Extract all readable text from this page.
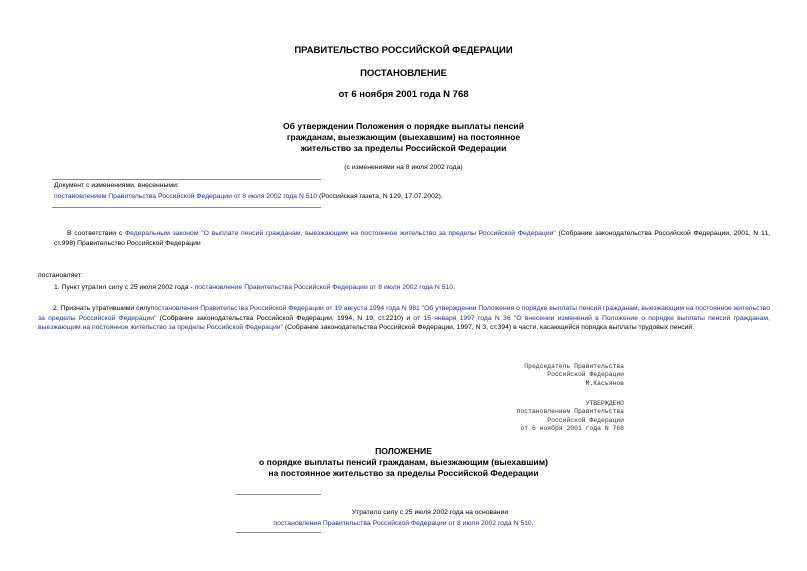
ПРАВИТЕЛЬСТВО РОССИЙСКОЙ ФЕДЕРАЦИИ
ПОСТАНОВЛЕНИЕ
от 6 ноября 2001 года N 768
Об утверждении Положения о порядке выплаты пенсий
гражданам, выезжающим (выехавшим) на постоянное
жительство за пределы Российской Федерации
(с изменениями на 8 июля 2002 года)
Документ с изменениями, внесенными:
постановлением Правительства Российской Федерации от 8 июля 2002 года N 510 (Российская газета, N 129, 17.07.2002).
В соответствии с Федеральным законом "О выплате пенсий гражданам, выезжающим на постоянное жительство за пределы Российской Федерации" (Собрание законодательства Российской Федерации, 2001, N 11, ст.998) Правительство Российской Федерации
постановляет:
1. Пункт утратил силу с 25 июля 2002 года - постановление Правительства Российской Федерации от 8 июля 2002 года N 510.
2. Признать утратившими силупостановления Правительства Российской Федерации от 19 августа 1994 года N 981 "Об утверждении Положения о порядке выплаты пенсий гражданам, выезжающим на постоянное жительство за пределы Российской Федерации" (Собрание законодательства Российской Федерации, 1994, N 19, ст.2210) и от 15 января 1997 года N 36 "О внесении изменений в Положение о порядке выплаты пенсий гражданам, выезжающим на постоянное жительство за пределы Российской Федерации" (Собрание законодательства Российской Федерации, 1997, N 3, ст.394) в части, касающейся порядка выплаты трудовых пенсий.
Председатель Правительства
Российской Федерации
М.Касьянов
УТВЕРЖДЕНО
постановлением Правительства
Российской Федерации
от 6 ноября 2001 года N 768
ПОЛОЖЕНИЕ
о порядке выплаты пенсий гражданам, выезжающим (выехавшим)
на постоянное жительство за пределы Российской Федерации
Утратило силу с 25 июля 2002 года на основании
постановления Правительства Российской Федерации от 8 июля 2002 года N 510.
